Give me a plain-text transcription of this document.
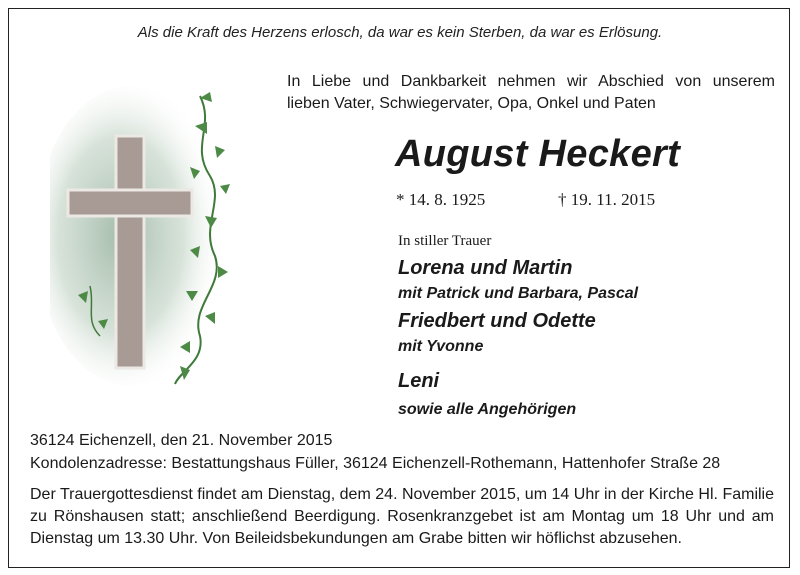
Als die Kraft des Herzens erlosch, da war es kein Sterben, da war es Erlösung.
In Liebe und Dankbarkeit nehmen wir Abschied von unserem
lieben Vater, Schwiegervater, Opa, Onkel und Paten
August Heckert
* 14. 8. 1925	† 19. 11. 2015
In stiller Trauer
Lorena und Martin
mit Patrick und Barbara, Pascal
Friedbert und Odette
mit Yvonne
Leni
sowie alle Angehörigen
36124 Eichenzell, den 21. November 2015
Kondolenzadresse: Bestattungshaus Füller, 36124 Eichenzell-Rothemann, Hattenhofer Straße 28
Der Trauergottesdienst findet am Dienstag, dem 24. November 2015, um 14 Uhr in der Kirche Hl. Familie zu Rönshausen statt; anschließend Beerdigung. Rosenkranzgebet ist am Montag um 18 Uhr und am Dienstag um 13.30 Uhr. Von Beileidsbekundungen am Grabe bitten wir höflichst abzusehen.
